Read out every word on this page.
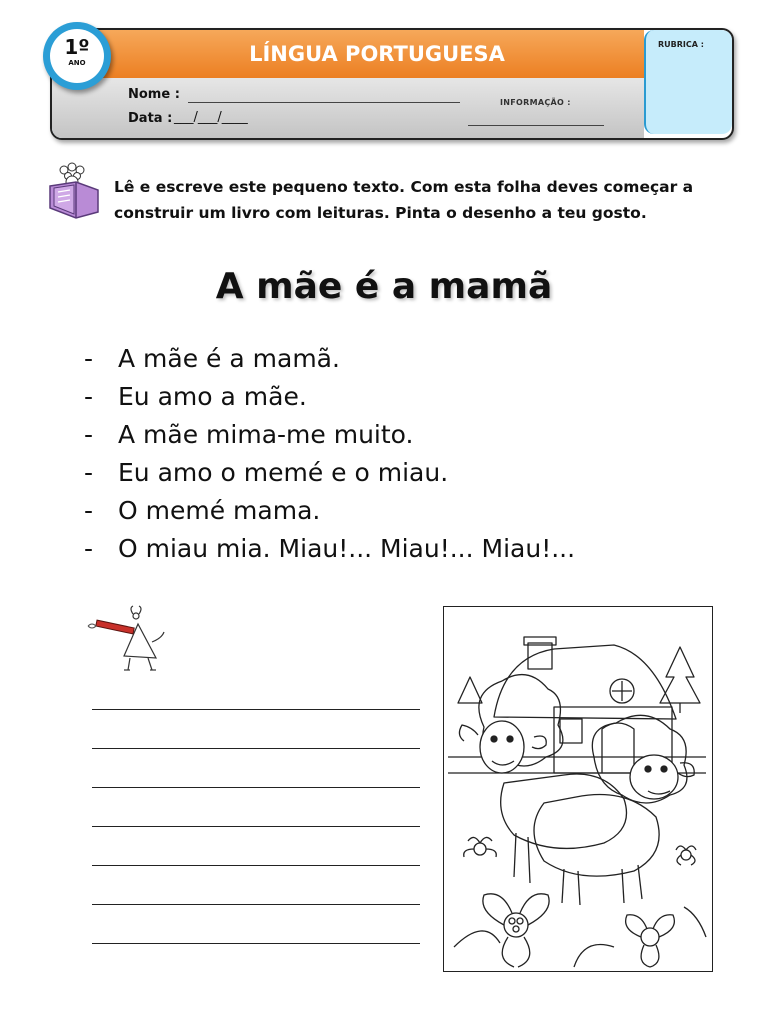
LÍNGUA PORTUGUESA
Nome :
Data : ___/___/____
INFORMAÇÃO :
RUBRICA :
1º
ANO
Lê e escreve este pequeno texto. Com esta folha deves começar a construir um livro com leituras. Pinta o desenho a teu gosto.
A mãe é a mamã
- A mãe é a mamã.
- Eu amo a mãe.
- A mãe mima-me muito.
- Eu amo o memé e o miau.
- O memé mama.
- O miau mia. Miau!... Miau!... Miau!...
